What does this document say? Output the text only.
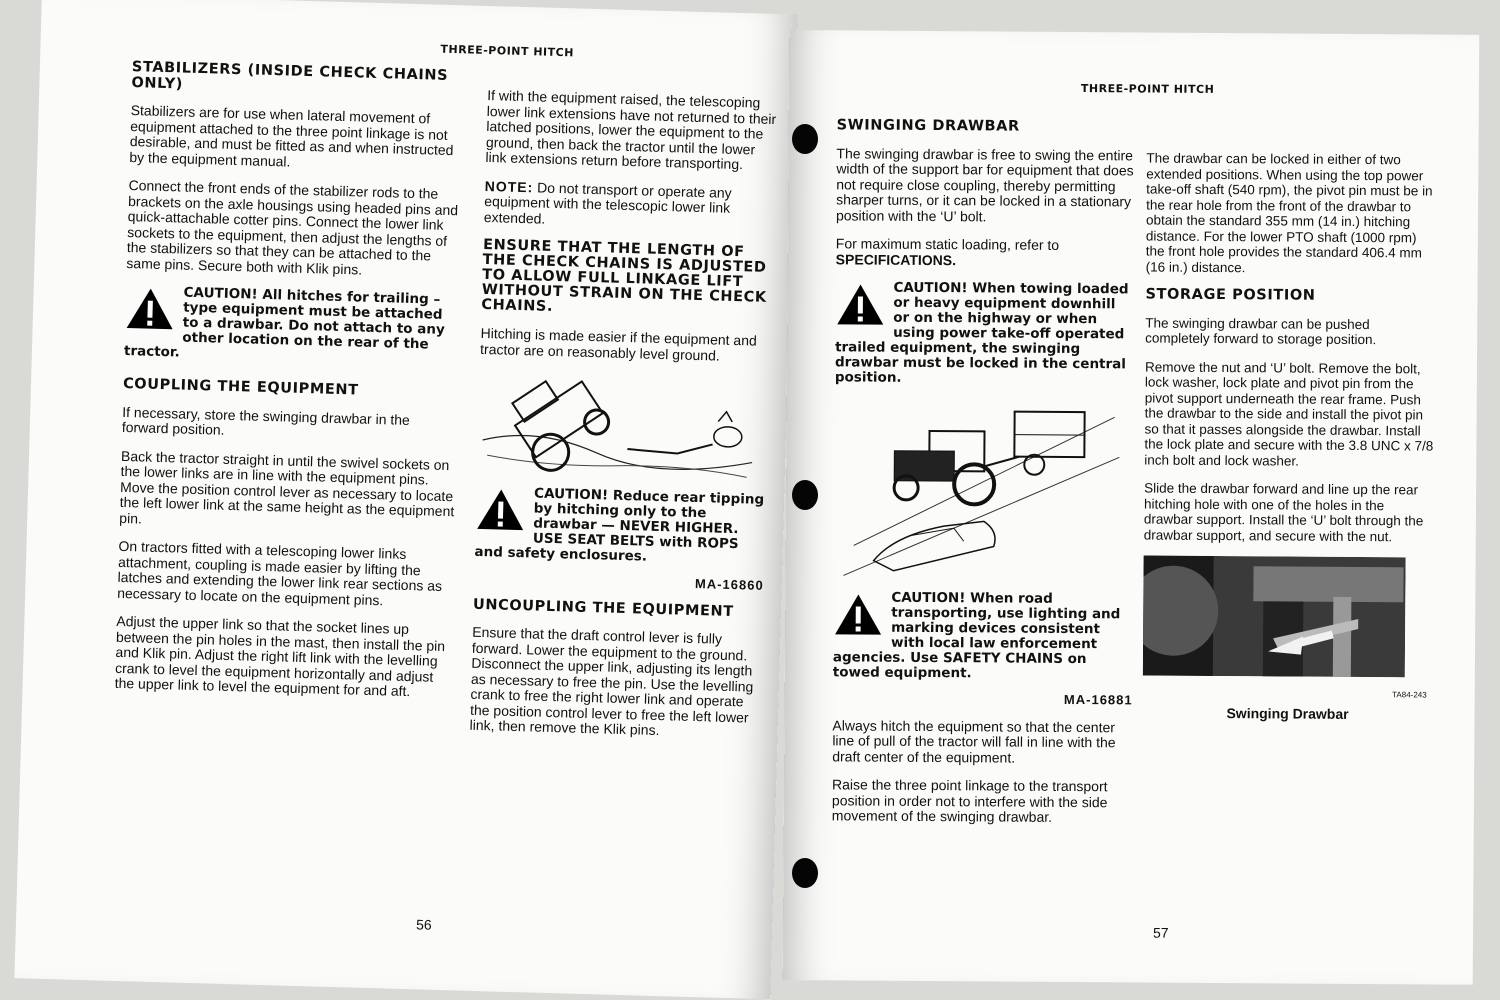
THREE-POINT HITCH
STABILIZERS (INSIDE CHECK CHAINS ONLY)

Stabilizers are for use when lateral movement of equipment attached to the three point linkage is not desirable, and must be fitted as and when instructed by the equipment manual.

Connect the front ends of the stabilizer rods to the brackets on the axle housings using headed pins and quick-attachable cotter pins. Connect the lower link sockets to the equipment, then adjust the lengths of the stabilizers so that they can be attached to the same pins. Secure both with Klik pins.

CAUTION! All hitches for trailing – type equipment must be attached to a drawbar. Do not attach to any other location on the rear of the tractor.
COUPLING THE EQUIPMENT

If necessary, store the swinging drawbar in the forward position.

Back the tractor straight in until the swivel sockets on the lower links are in line with the equipment pins. Move the position control lever as necessary to locate the left lower link at the same height as the equipment pin.

On tractors fitted with a telescoping lower links attachment, coupling is made easier by lifting the latches and extending the lower link rear sections as necessary to locate on the equipment pins.

Adjust the upper link so that the socket lines up between the pin holes in the mast, then install the pin and Klik pin. Adjust the right lift link with the levelling crank to level the equipment horizontally and adjust the upper link to level the equipment for and aft.

If with the equipment raised, the telescoping lower link extensions have not returned to their latched positions, lower the equipment to the ground, then back the tractor until the lower link extensions return before transporting.

NOTE: Do not transport or operate any equipment with the telescopic lower link extended.

ENSURE THAT THE LENGTH OF THE CHECK CHAINS IS ADJUSTED TO ALLOW FULL LINKAGE LIFT WITHOUT STRAIN ON THE CHECK CHAINS.

Hitching is made easier if the equipment and tractor are on reasonably level ground.

CAUTION! Reduce rear tipping by hitching only to the drawbar — NEVER HIGHER. USE SEAT BELTS with ROPS and safety enclosures.
MA-16860
UNCOUPLING THE EQUIPMENT

Ensure that the draft control lever is fully forward. Lower the equipment to the ground. Disconnect the upper link, adjusting its length as necessary to free the pin. Use the levelling crank to free the right lower link and operate the position control lever to free the left lower link, then remove the Klik pins.

56
THREE-POINT HITCH
SWINGING DRAWBAR

The swinging drawbar is free to swing the entire width of the support bar for equipment that does not require close coupling, thereby permitting sharper turns, or it can be locked in a stationary position with the ‘U’ bolt.

For maximum static loading, refer to SPECIFICATIONS.

CAUTION! When towing loaded or heavy equipment downhill or on the highway or when using power take-off operated trailed equipment, the swinging drawbar must be locked in the central position.
CAUTION! When road transporting, use lighting and marking devices consistent with local law enforcement agencies. Use SAFETY CHAINS on towed equipment.
MA-16881

Always hitch the equipment so that the center line of pull of the tractor will fall in line with the draft center of the equipment.

Raise the three point linkage to the transport position in order not to interfere with the side movement of the swinging drawbar.

The drawbar can be locked in either of two extended positions. When using the top power take-off shaft (540 rpm), the pivot pin must be in the rear hole from the front of the drawbar to obtain the standard 355 mm (14 in.) hitching distance. For the lower PTO shaft (1000 rpm) the front hole provides the standard 406.4 mm (16 in.) distance.

STORAGE POSITION

The swinging drawbar can be pushed completely forward to storage position.

Remove the nut and ‘U’ bolt. Remove the bolt, lock washer, lock plate and pivot pin from the pivot support underneath the rear frame. Push the drawbar to the side and install the pivot pin so that it passes alongside the drawbar. Install the lock plate and secure with the 3.8 UNC x 7/8 inch bolt and lock washer.

Slide the drawbar forward and line up the rear hitching hole with one of the holes in the drawbar support. Install the ‘U’ bolt through the drawbar support, and secure with the nut.

TA84-243
Swinging Drawbar
57
